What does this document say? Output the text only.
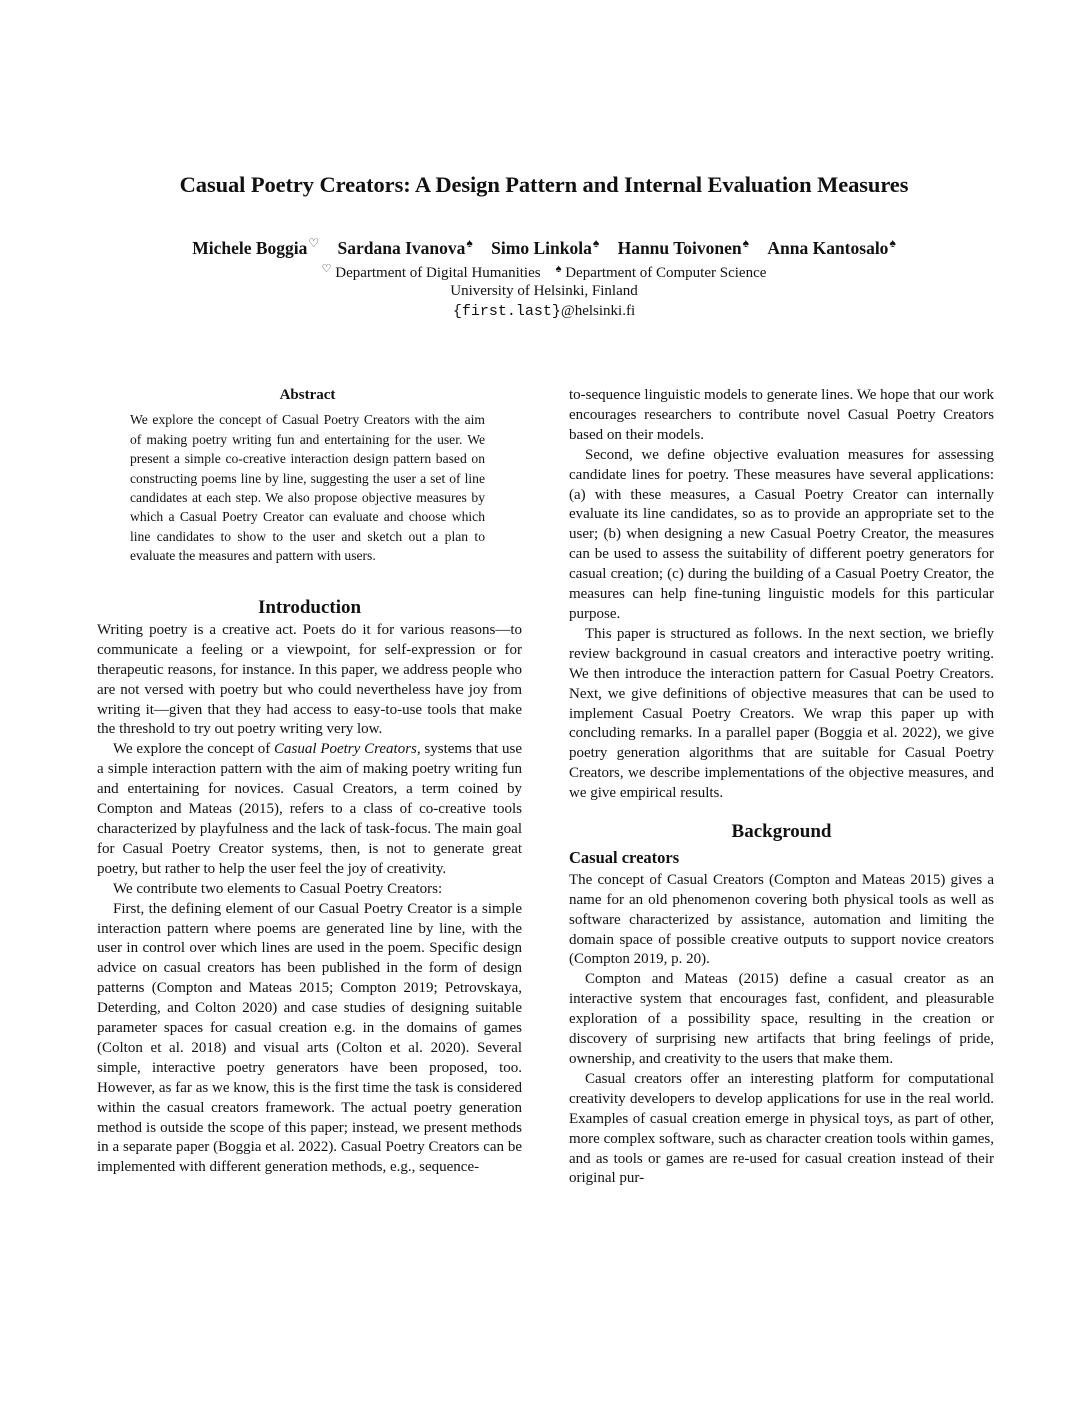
Casual Poetry Creators: A Design Pattern and Internal Evaluation Measures
Michele Boggia♡ Sardana Ivanova♠ Simo Linkola♠ Hannu Toivonen♠ Anna Kantosalo♠
♡ Department of Digital Humanities ♠ Department of Computer Science
University of Helsinki, Finland
{first.last}@helsinki.fi
Abstract

We explore the concept of Casual Poetry Creators with the aim of making poetry writing fun and entertaining for the user. We present a simple co-creative interaction design pattern based on constructing poems line by line, suggesting the user a set of line candidates at each step. We also propose objective measures by which a Casual Poetry Creator can evaluate and choose which line candidates to show to the user and sketch out a plan to evaluate the measures and pattern with users.

Introduction

Writing poetry is a creative act. Poets do it for various reasons—to communicate a feeling or a viewpoint, for self-expression or for therapeutic reasons, for instance. In this paper, we address people who are not versed with poetry but who could nevertheless have joy from writing it—given that they had access to easy-to-use tools that make the threshold to try out poetry writing very low.

We explore the concept of Casual Poetry Creators, systems that use a simple interaction pattern with the aim of making poetry writing fun and entertaining for novices. Casual Creators, a term coined by Compton and Mateas (2015), refers to a class of co-creative tools characterized by playfulness and the lack of task-focus. The main goal for Casual Poetry Creator systems, then, is not to generate great poetry, but rather to help the user feel the joy of creativity.

We contribute two elements to Casual Poetry Creators:

First, the defining element of our Casual Poetry Creator is a simple interaction pattern where poems are generated line by line, with the user in control over which lines are used in the poem. Specific design advice on casual creators has been published in the form of design patterns (Compton and Mateas 2015; Compton 2019; Petrovskaya, Deterding, and Colton 2020) and case studies of designing suitable parameter spaces for casual creation e.g. in the domains of games (Colton et al. 2018) and visual arts (Colton et al. 2020). Several simple, interactive poetry generators have been proposed, too. However, as far as we know, this is the first time the task is considered within the casual creators framework. The actual poetry generation method is outside the scope of this paper; instead, we present methods in a separate paper (Boggia et al. 2022). Casual Poetry Creators can be implemented with different generation methods, e.g., sequence-

to-sequence linguistic models to generate lines. We hope that our work encourages researchers to contribute novel Casual Poetry Creators based on their models.

Second, we define objective evaluation measures for assessing candidate lines for poetry. These measures have several applications: (a) with these measures, a Casual Poetry Creator can internally evaluate its line candidates, so as to provide an appropriate set to the user; (b) when designing a new Casual Poetry Creator, the measures can be used to assess the suitability of different poetry generators for casual creation; (c) during the building of a Casual Poetry Creator, the measures can help fine-tuning linguistic models for this particular purpose.

This paper is structured as follows. In the next section, we briefly review background in casual creators and interactive poetry writing. We then introduce the interaction pattern for Casual Poetry Creators. Next, we give definitions of objective measures that can be used to implement Casual Poetry Creators. We wrap this paper up with concluding remarks. In a parallel paper (Boggia et al. 2022), we give poetry generation algorithms that are suitable for Casual Poetry Creators, we describe implementations of the objective measures, and we give empirical results.

Background
Casual creators

The concept of Casual Creators (Compton and Mateas 2015) gives a name for an old phenomenon covering both physical tools as well as software characterized by assistance, automation and limiting the domain space of possible creative outputs to support novice creators (Compton 2019, p. 20).

Compton and Mateas (2015) define a casual creator as an interactive system that encourages fast, confident, and pleasurable exploration of a possibility space, resulting in the creation or discovery of surprising new artifacts that bring feelings of pride, ownership, and creativity to the users that make them.

Casual creators offer an interesting platform for computational creativity developers to develop applications for use in the real world. Examples of casual creation emerge in physical toys, as part of other, more complex software, such as character creation tools within games, and as tools or games are re-used for casual creation instead of their original pur-
